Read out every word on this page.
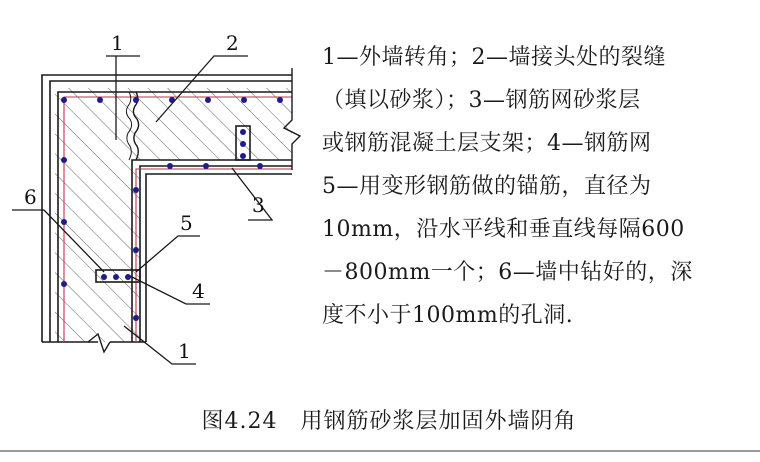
1	2
3
4
5
6
1
1—外墙转角；2—墙接头处的裂缝
（填以砂浆）；3—钢筋网砂浆层
或钢筋混凝土层支架；4—钢筋网
5—用变形钢筋做的锚筋，直径为
10mm，沿水平线和垂直线每隔600
－800mm一个；6—墙中钻好的，深
度不小于100mm的孔洞.
图4.24　用钢筋砂浆层加固外墙阴角
